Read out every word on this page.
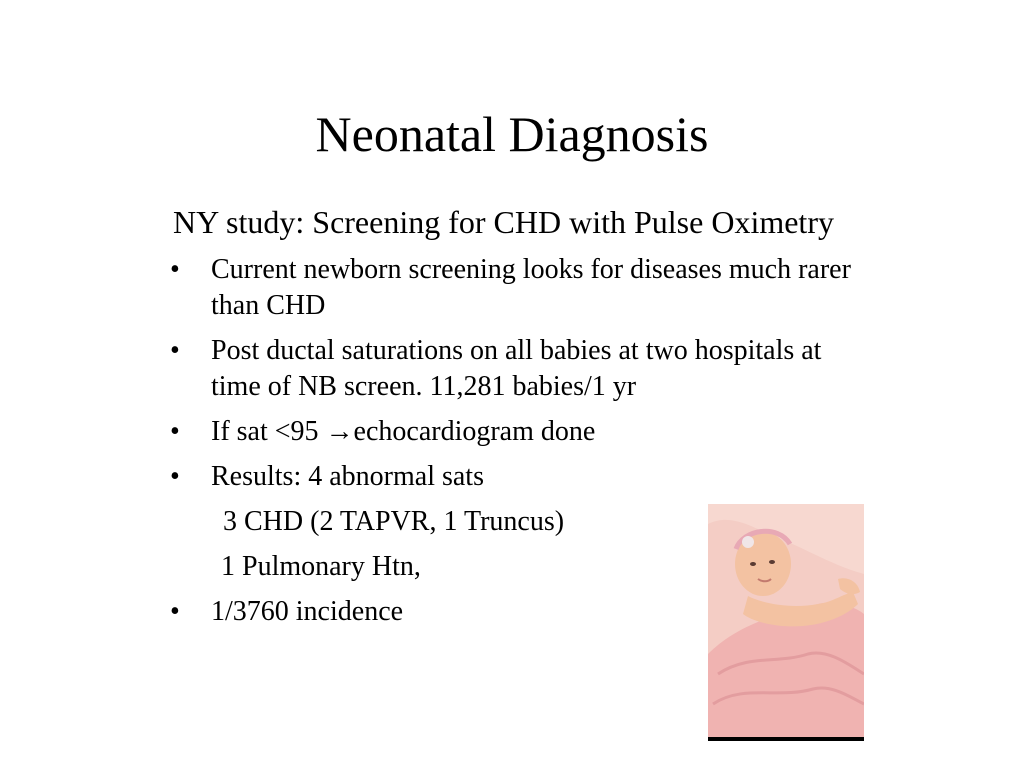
Neonatal Diagnosis

NY study: Screening for CHD with Pulse Oximetry

•	Current newborn screening looks for diseases much rarer
than CHD
•	Post ductal saturations on all babies at two hospitals at
time of NB screen. 11,281 babies/1 yr
•	If sat <95 →echocardiogram done
•	Results: 4 abnormal sats
3 CHD (2 TAPVR, 1 Truncus)
1 Pulmonary Htn,
•	1/3760 incidence
